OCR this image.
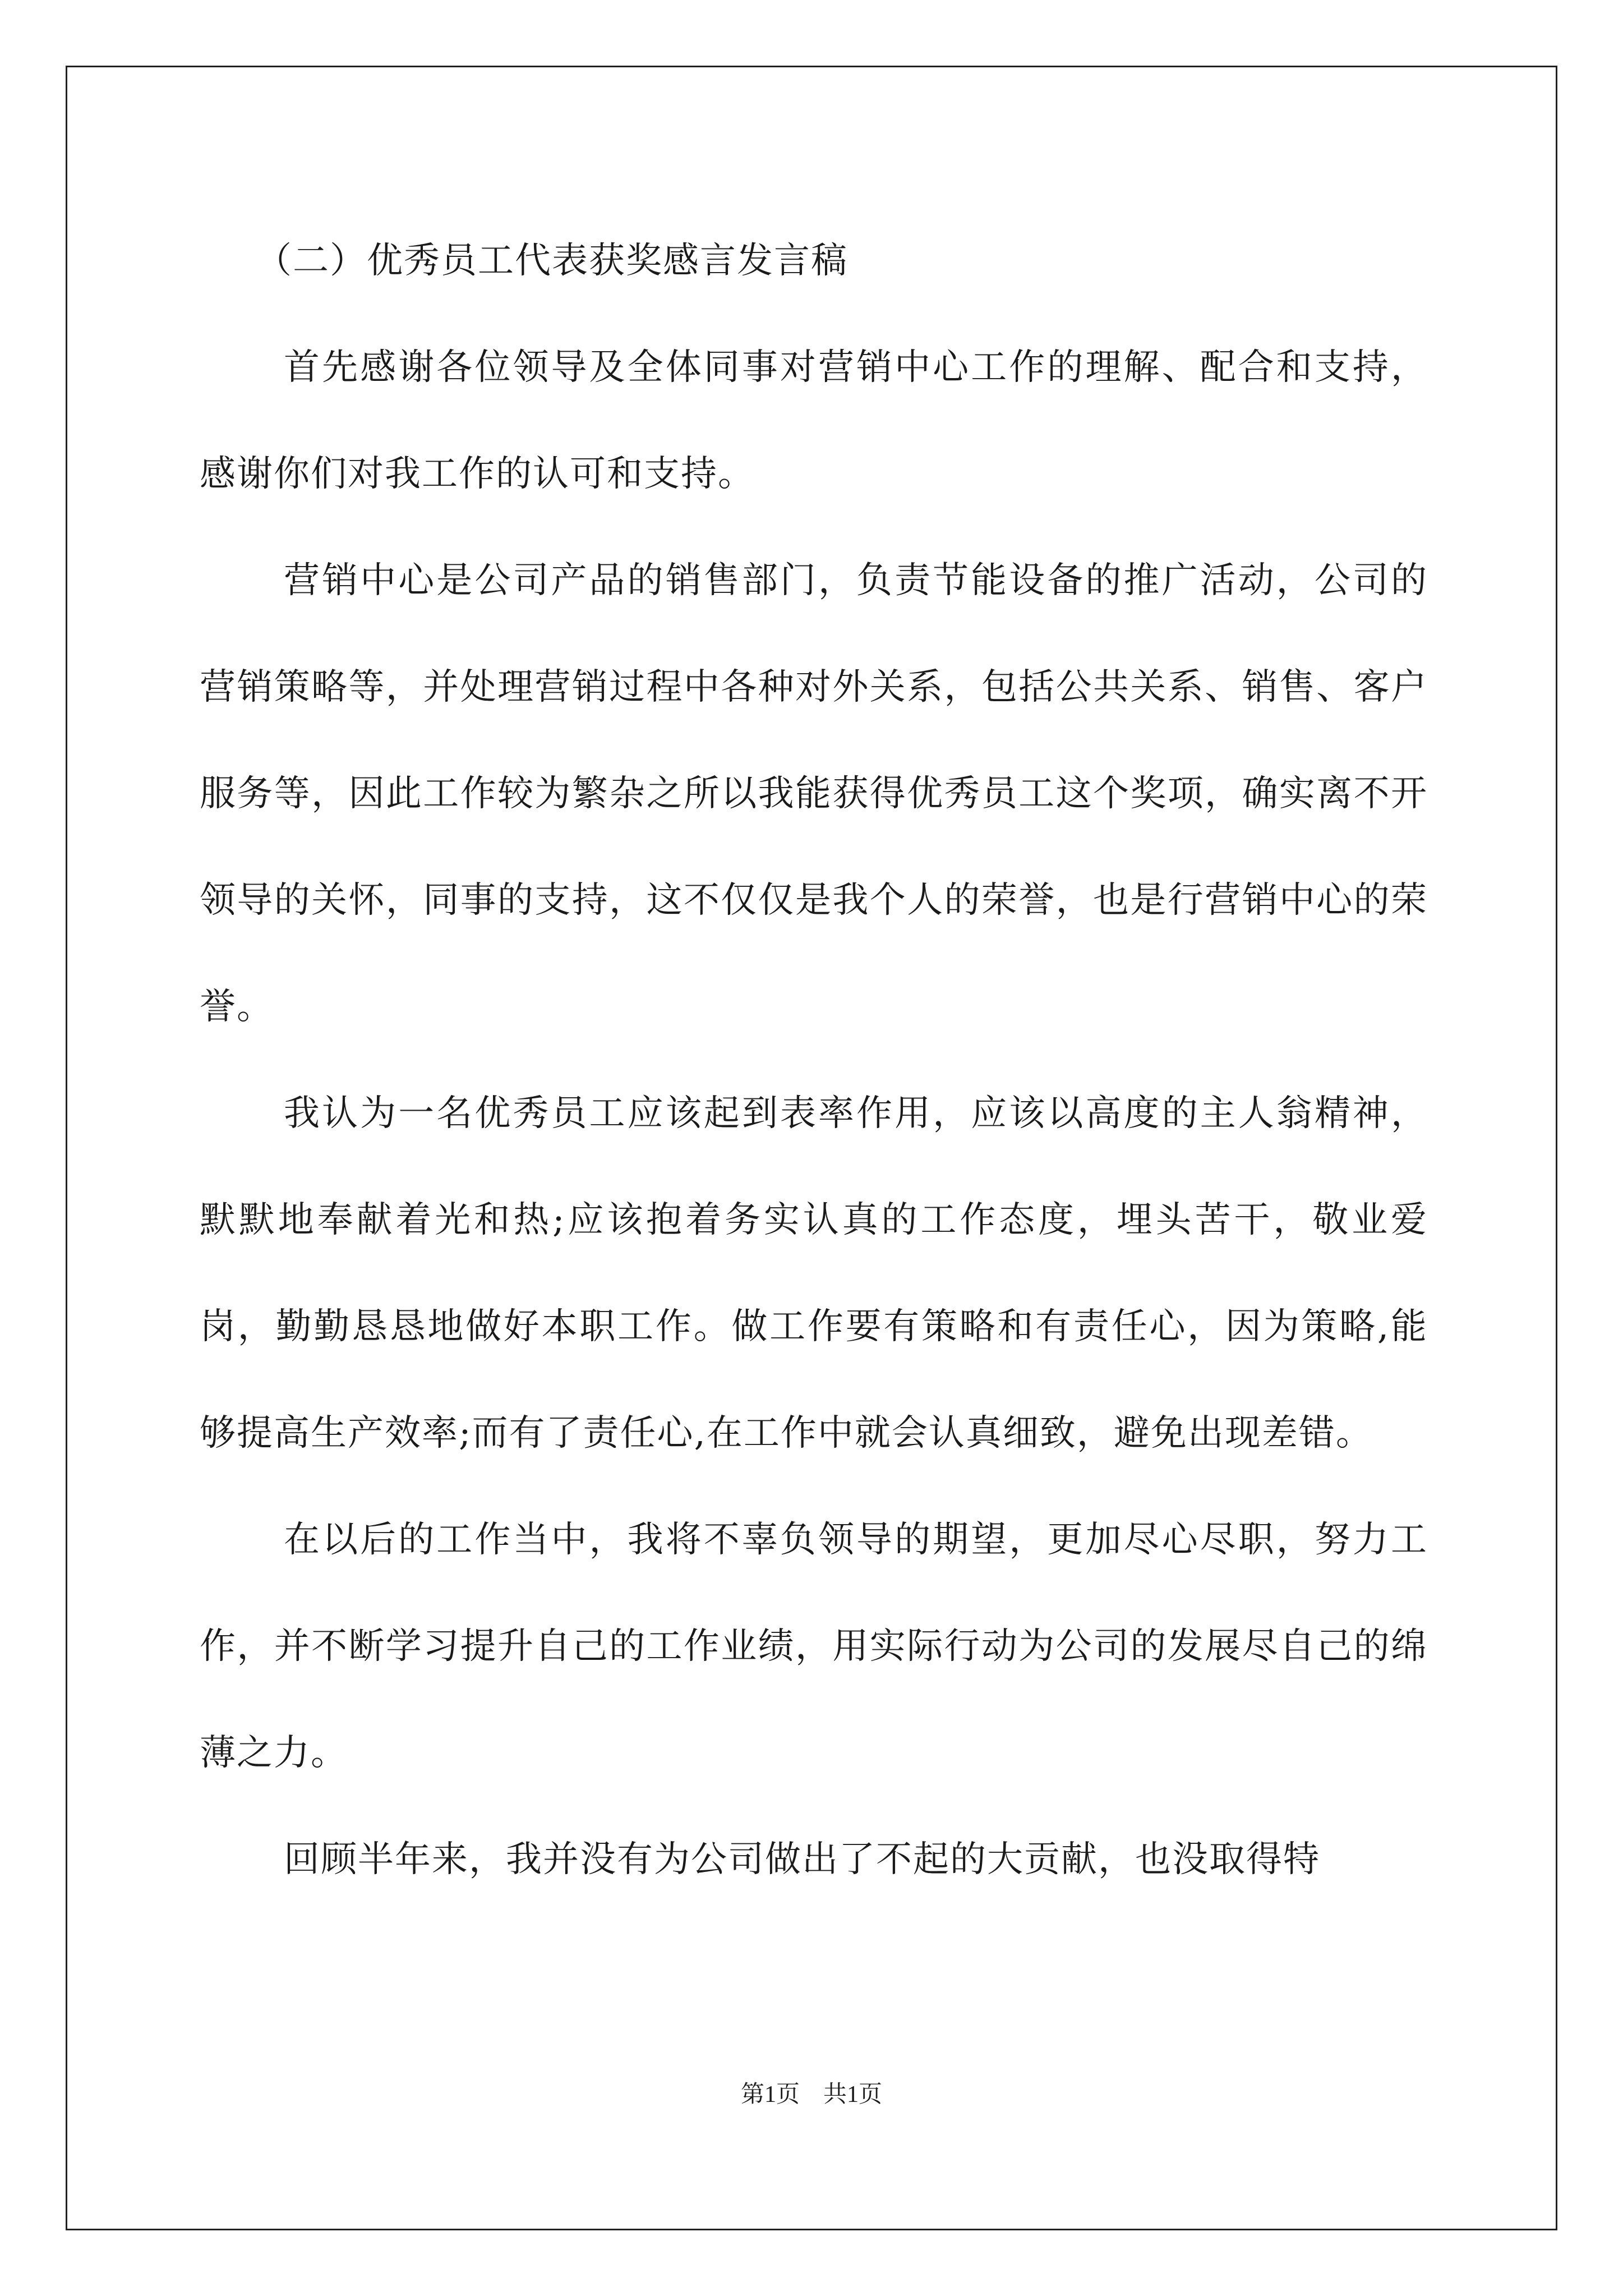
（二）优秀员工代表获奖感言发言稿

首先感谢各位领导及全体同事对营销中心工作的理解、配合和支持，感谢你们对我工作的认可和支持。

营销中心是公司产品的销售部门，负责节能设备的推广活动，公司的营销策略等，并处理营销过程中各种对外关系，包括公共关系、销售、客户服务等，因此工作较为繁杂之所以我能获得优秀员工这个奖项，确实离不开领导的关怀，同事的支持，这不仅仅是我个人的荣誉，也是行营销中心的荣誉。

我认为一名优秀员工应该起到表率作用，应该以高度的主人翁精神，默默地奉献着光和热;应该抱着务实认真的工作态度，埋头苦干，敬业爱岗，勤勤恳恳地做好本职工作。做工作要有策略和有责任心，因为策略,能够提高生产效率;而有了责任心,在工作中就会认真细致，避免出现差错。

在以后的工作当中，我将不辜负领导的期望，更加尽心尽职，努力工作，并不断学习提升自己的工作业绩，用实际行动为公司的发展尽自己的绵薄之力。

回顾半年来，我并没有为公司做出了不起的大贡献，也没取得特

第1页　共1页
